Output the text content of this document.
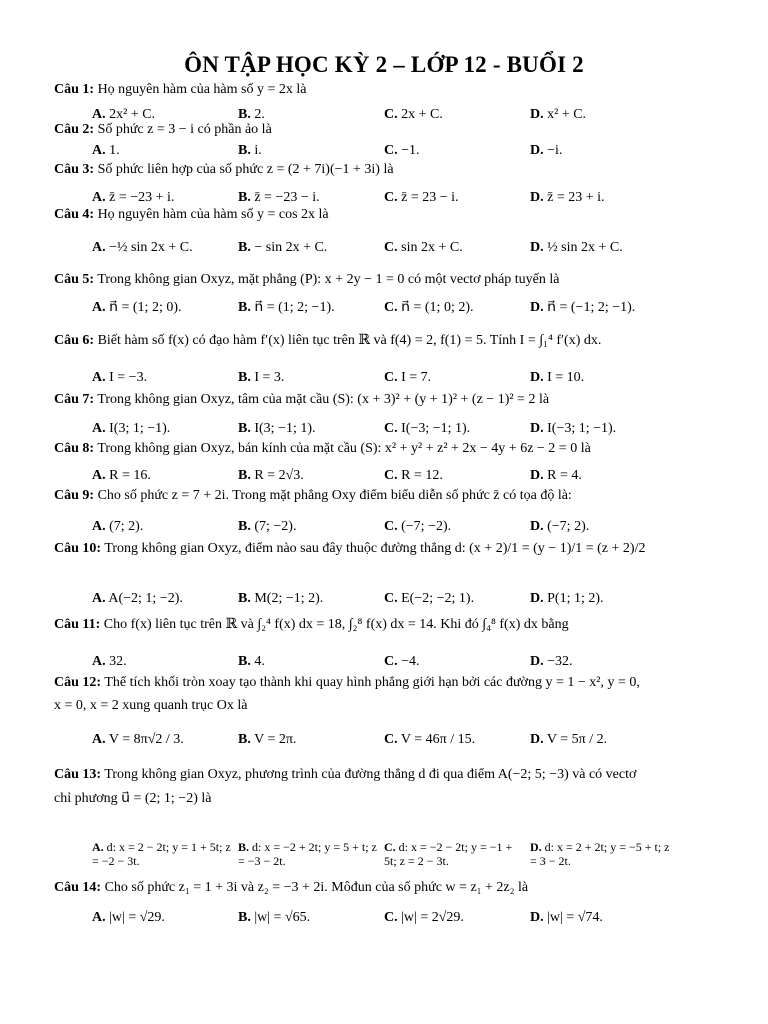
ÔN TẬP HỌC KỲ 2 – LỚP 12 - BUỔI 2
Câu 1: Họ nguyên hàm của hàm số y = 2x là
A. 2x² + C.	B. 2.	C. 2x + C.	D. x² + C.
Câu 2: Số phức z = 3 − i có phần ảo là
A. 1.	B. i.	C. −1.	D. −i.
Câu 3: Số phức liên hợp của số phức z = (2 + 7i)(−1 + 3i) là
A. z̄ = −23 + i.	B. z̄ = −23 − i.	C. z̄ = 23 − i.	D. z̄ = 23 + i.
Câu 4: Họ nguyên hàm của hàm số y = cos 2x là
A. −½ sin 2x + C.	B. − sin 2x + C.	C. sin 2x + C.	D. ½ sin 2x + C.
Câu 5: Trong không gian Oxyz, mặt phẳng (P): x + 2y − 1 = 0 có một vectơ pháp tuyến là
A. n⃗ = (1; 2; 0).	B. n⃗ = (1; 2; −1).	C. n⃗ = (1; 0; 2).	D. n⃗ = (−1; 2; −1).
Câu 6: Biết hàm số f(x) có đạo hàm f′(x) liên tục trên ℝ và f(4) = 2, f(1) = 5. Tính I = ∫₁⁴ f′(x) dx.
A. I = −3.	B. I = 3.	C. I = 7.	D. I = 10.
Câu 7: Trong không gian Oxyz, tâm của mặt cầu (S): (x + 3)² + (y + 1)² + (z − 1)² = 2 là
A. I(3; 1; −1).	B. I(3; −1; 1).	C. I(−3; −1; 1).	D. I(−3; 1; −1).
Câu 8: Trong không gian Oxyz, bán kính của mặt cầu (S): x² + y² + z² + 2x − 4y + 6z − 2 = 0 là
A. R = 16.	B. R = 2√3.	C. R = 12.	D. R = 4.
Câu 9: Cho số phức z = 7 + 2i. Trong mặt phẳng Oxy điểm biểu diễn số phức z̄ có tọa độ là:
A. (7; 2).	B. (7; −2).	C. (−7; −2).	D. (−7; 2).
Câu 10: Trong không gian Oxyz, điểm nào sau đây thuộc đường thẳng d: (x + 2)/1 = (y − 1)/1 = (z + 2)/2
A. A(−2; 1; −2).	B. M(2; −1; 2).	C. E(−2; −2; 1).	D. P(1; 1; 2).
Câu 11: Cho f(x) liên tục trên ℝ và ∫₂⁴ f(x) dx = 18, ∫₂⁸ f(x) dx = 14. Khi đó ∫₄⁸ f(x) dx bằng
A. 32.	B. 4.	C. −4.	D. −32.
Câu 12: Thể tích khối tròn xoay tạo thành khi quay hình phẳng giới hạn bởi các đường y = 1 − x², y = 0,
x = 0, x = 2 xung quanh trục Ox là
A. V = 8π√2 / 3.	B. V = 2π.	C. V = 46π / 15.	D. V = 5π / 2.
Câu 13: Trong không gian Oxyz, phương trình của đường thẳng d đi qua điểm A(−2; 5; −3) và có vectơ
chỉ phương u⃗ = (2; 1; −2) là
A. d: x = 2 − 2t; y = 1 + 5t; z = −2 − 3t.
B. d: x = −2 + 2t; y = 5 + t; z = −3 − 2t.
C. d: x = −2 − 2t; y = −1 + 5t; z = 2 − 3t.
D. d: x = 2 + 2t; y = −5 + t; z = 3 − 2t.
Câu 14: Cho số phức z₁ = 1 + 3i và z₂ = −3 + 2i. Môđun của số phức w = z₁ + 2z₂ là
A. |w| = √29.	B. |w| = √65.	C. |w| = 2√29.	D. |w| = √74.
